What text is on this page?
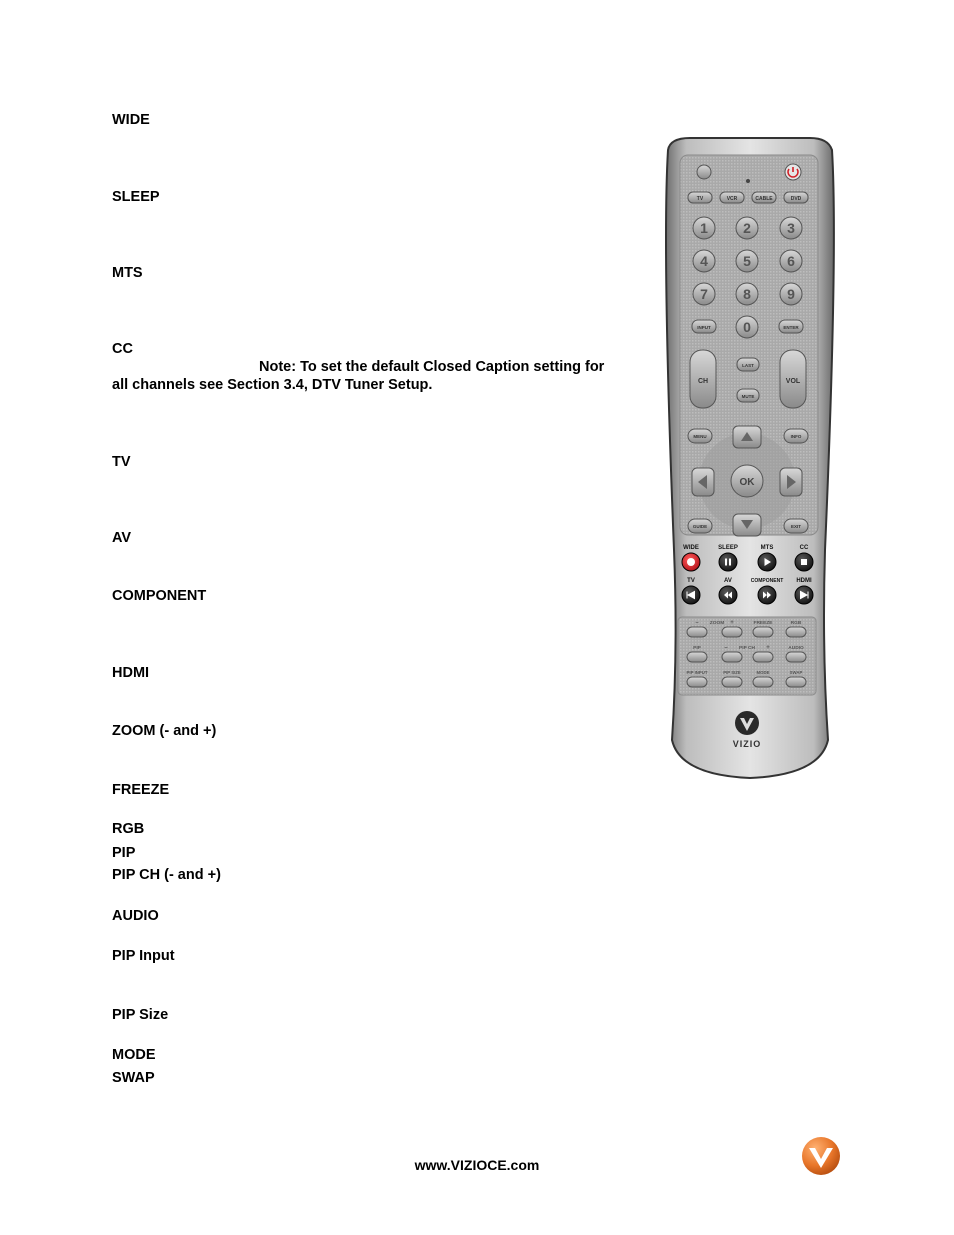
WIDE
SLEEP
MTS
CC
Note: To set the default Closed Caption setting for
all channels see Section 3.4, DTV Tuner Setup.
TV
AV
COMPONENT
HDMI
ZOOM (- and +)
FREEZE
RGB
PIP
PIP CH (- and +)
AUDIO
PIP Input
PIP Size
MODE
SWAP
www.VIZIOCE.com
TV	VCR	CABLE	DVD
1	2	3
4	5	6
7	8	9
0
INPUT	ENTER
CH	VOL
LAST
MUTE
MENU	INFO
GUIDE	EXIT
OK
WIDE	SLEEP	MTS	CC
TV	AV	COMPONENT HDMI
– ZOOM +	FREEZE	RGB
PIP	– PIP CH +	AUDIO
PIP INPUT	PIP SIZE	MODE	SWAP
VIZIO
